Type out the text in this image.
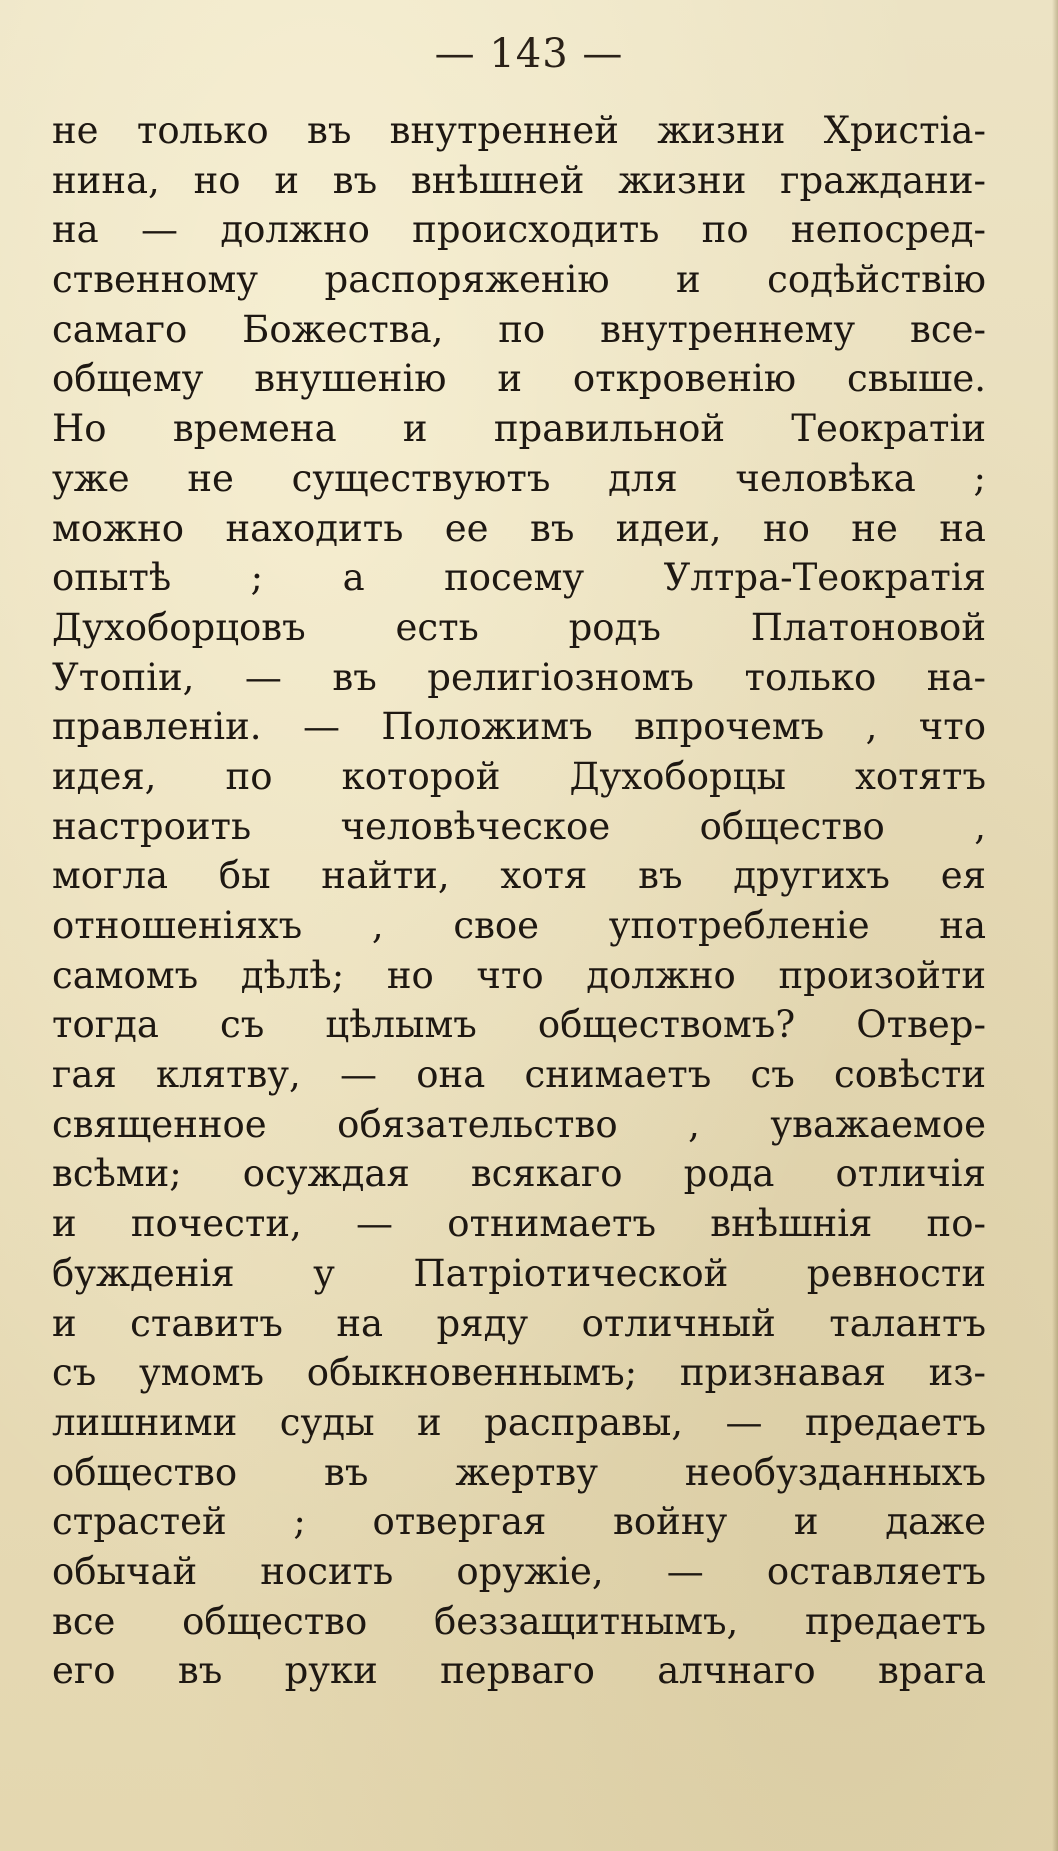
— 143 —
не только въ внутренней жизни Христіа-
нина, но и въ внѣшней жизни граждани-
на — должно происходить по непосред-
ственному распоряженію и содѣйствію
самаго Божества, по внутреннему все-
общему внушенію и откровенію свыше.
Но времена и правильной Теократіи
уже не существуютъ для человѣка ;
можно находить ее въ идеи, но не на
опытѣ ; а посему Ултра-Теократія
Духоборцовъ есть родъ Платоновой
Утопіи, — въ религіозномъ только на-
правленіи. — Положимъ впрочемъ , что
идея, по которой Духоборцы хотятъ
настроить человѣческое общество ,
могла бы найти, хотя въ другихъ ея
отношеніяхъ , свое употребленіе на
самомъ дѣлѣ; но что должно произойти
тогда съ цѣлымъ обществомъ? Отвер-
гая клятву, — она снимаетъ съ совѣсти
священное обязательство , уважаемое
всѣми; осуждая всякаго рода отличія
и почести, — отнимаетъ внѣшнія по-
бужденія у Патріотической ревности
и ставитъ на ряду отличный талантъ
съ умомъ обыкновеннымъ; признавая из-
лишними суды и расправы, — предаетъ
общество въ жертву необузданныхъ
страстей ; отвергая войну и даже
обычай носить оружіе, — оставляетъ
все общество беззащитнымъ, предаетъ
его въ руки перваго алчнаго врага
